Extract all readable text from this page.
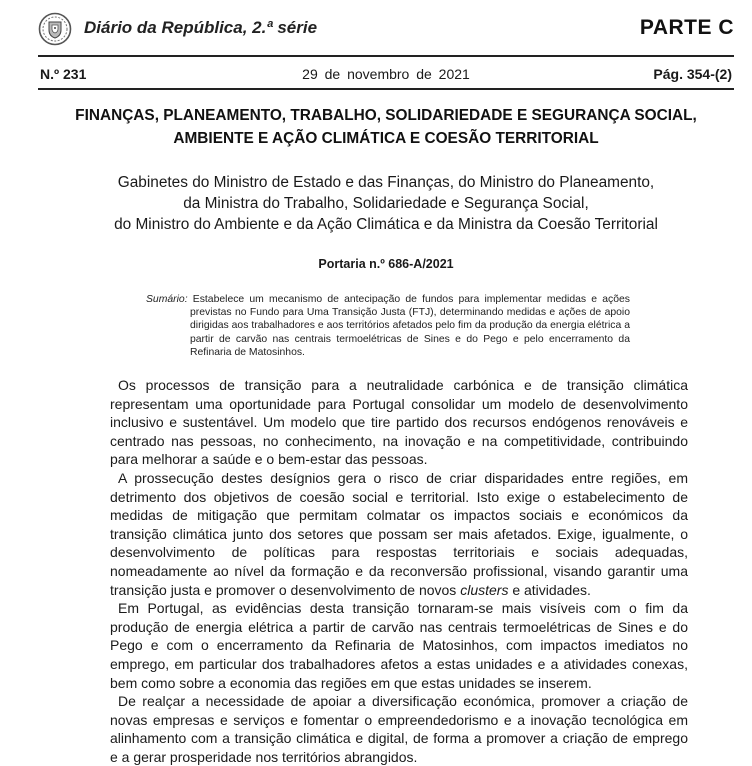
Diário da República, 2.ª série	PARTE C
29 de novembro de 2021
N.º 231	Pág. 354-(2)
FINANÇAS, PLANEAMENTO, TRABALHO, SOLIDARIEDADE E SEGURANÇA SOCIAL,
AMBIENTE E AÇÃO CLIMÁTICA E COESÃO TERRITORIAL
Gabinetes do Ministro de Estado e das Finanças, do Ministro do Planeamento,
da Ministra do Trabalho, Solidariedade e Segurança Social,
do Ministro do Ambiente e da Ação Climática e da Ministra da Coesão Territorial
Portaria n.º 686-A/2021
Sumário: Estabelece um mecanismo de antecipação de fundos para implementar medidas e ações previstas no Fundo para Uma Transição Justa (FTJ), determinando medidas e ações de apoio dirigidas aos trabalhadores e aos territórios afetados pelo fim da produção da energia elétrica a partir de carvão nas centrais termoelétricas de Sines e do Pego e pelo encerramento da Refinaria de Matosinhos.

Os processos de transição para a neutralidade carbónica e de transição climática representam uma oportunidade para Portugal consolidar um modelo de desenvolvimento inclusivo e sustentável. Um modelo que tire partido dos recursos endógenos renováveis e centrado nas pessoas, no conhecimento, na inovação e na competitividade, contribuindo para melhorar a saúde e o bem-estar das pessoas.

A prossecução destes desígnios gera o risco de criar disparidades entre regiões, em detrimento dos objetivos de coesão social e territorial. Isto exige o estabelecimento de medidas de mitigação que permitam colmatar os impactos sociais e económicos da transição climática junto dos setores que possam ser mais afetados. Exige, igualmente, o desenvolvimento de políticas para respostas territoriais e sociais adequadas, nomeadamente ao nível da formação e da reconversão profissional, visando garantir uma transição justa e promover o desenvolvimento de novos clusters e atividades.

Em Portugal, as evidências desta transição tornaram-se mais visíveis com o fim da produção de energia elétrica a partir de carvão nas centrais termoelétricas de Sines e do Pego e com o encerramento da Refinaria de Matosinhos, com impactos imediatos no emprego, em particular dos trabalhadores afetos a estas unidades e a atividades conexas, bem como sobre a economia das regiões em que estas unidades se inserem.

De realçar a necessidade de apoiar a diversificação económica, promover a criação de novas empresas e serviços e fomentar o empreendedorismo e a inovação tecnológica em alinhamento com a transição climática e digital, de forma a promover a criação de emprego e a gerar prosperidade nos territórios abrangidos.
